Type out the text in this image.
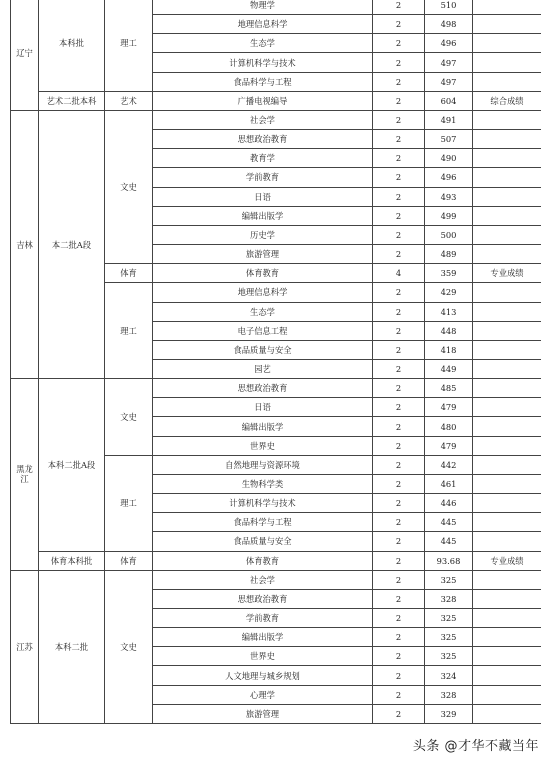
辽宁	本科批	理工	物理学	2	510	
			地理信息科学	2	498	
			生态学	2	496	
			计算机科学与技术	2	497	
			食品科学与工程	2	497	
	艺术二批本科	艺术	广播电视编导	2	604	综合成绩
吉林	本二批A段	文史	社会学	2	491	
			思想政治教育	2	507	
			教育学	2	490	
			学前教育	2	496	
			日语	2	493	
			编辑出版学	2	499	
			历史学	2	500	
			旅游管理	2	489	
		体育	体育教育	4	359	专业成绩
		理工	地理信息科学	2	429	
			生态学	2	413	
			电子信息工程	2	448	
			食品质量与安全	2	418	
			园艺	2	449	
黑龙江	本科二批A段	文史	思想政治教育	2	485	
			日语	2	479	
			编辑出版学	2	480	
			世界史	2	479	
		理工	自然地理与资源环境	2	442	
			生物科学类	2	461	
			计算机科学与技术	2	446	
			食品科学与工程	2	445	
			食品质量与安全	2	445	
	体育本科批	体育	体育教育	2	93.68	专业成绩
江苏	本科二批	文史	社会学	2	325	
			思想政治教育	2	328	
			学前教育	2	325	
			编辑出版学	2	325	
			世界史	2	325	
			人文地理与城乡规划	2	324	
			心理学	2	328	
			旅游管理	2	329	
头条 @才华不藏当年
